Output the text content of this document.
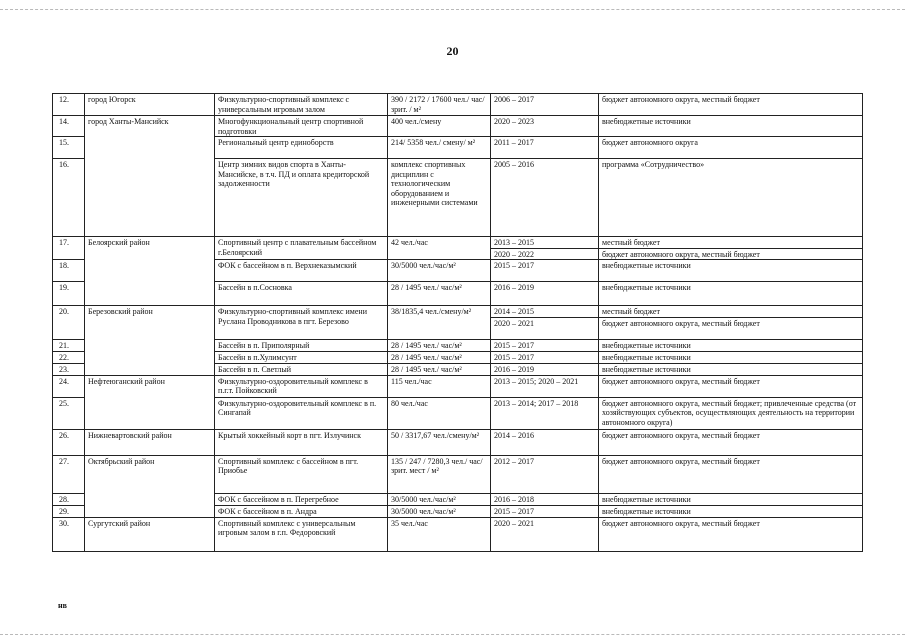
20
12.	город Югорск	Физкультурно-спортивный комплекс с универсальным игровым залом	390 / 2172 / 17600 чел./ час/ зрит. / м²	2006 – 2017	бюджет автономного округа, местный бюджет
14.	город Ханты-Мансийск	Многофункциональный центр спортивной подготовки	400 чел./смену	2020 – 2023	внебюджетные источники
15.		Региональный центр единоборств	214/ 5358 чел./ смену/ м²	2011 – 2017	бюджет автономного округа
16.		Центр зимних видов спорта в Ханты-Мансийске, в т.ч. ПД и оплата кредиторской задолженности	комплекс спортивных дисциплин с технологическим оборудованием и инженерными системами	2005 – 2016	программа «Сотрудничество»
17.	Белоярский район	Спортивный центр с плавательным бассейном г.Белоярский	42 чел./час	2013 – 2015	местный бюджет
				2020 – 2022	бюджет автономного округа, местный бюджет
18.		ФОК с бассейном в п. Верхнеказымский	30/5000 чел./час/м²	2015 – 2017	внебюджетные источники
19.		Бассейн в п.Сосновка	28 / 1495 чел./ час/м²	2016 – 2019	внебюджетные источники
20.	Березовский район	Физкультурно-спортивный комплекс имени Руслана Проводникова в пгт. Березово	38/1835,4 чел./смену/м²	2014 – 2015	местный бюджет
				2020 – 2021	бюджет автономного округа, местный бюджет
21.		Бассейн в п. Приполярный	28 / 1495 чел./ час/м²	2015 – 2017	внебюджетные источники
22.		Бассейн в п.Хулимсунт	28 / 1495 чел./ час/м²	2015 – 2017	внебюджетные источники
23.		Бассейн в п. Светлый	28 / 1495 чел./ час/м²	2016 – 2019	внебюджетные источники
24.	Нефтеюганский район	Физкультурно-оздоровительный комплекс в п.г.т. Пойковский	115 чел./час	2013 – 2015; 2020 – 2021	бюджет автономного округа, местный бюджет
25.		Физкультурно-оздоровительный комплекс в п. Сингапай	80 чел./час	2013 – 2014; 2017 – 2018	бюджет автономного округа, местный бюджет; привлеченные средства (от хозяйствующих субъектов, осуществляющих деятельность на территории автономного округа)
26.	Нижневартовский район	Крытый хоккейный корт в пгт. Излучинск	50 / 3317,67 чел./смену/м²	2014 – 2016	бюджет автономного округа, местный бюджет
27.	Октябрьский район	Спортивный комплекс с бассейном в пгт. Приобье	135 / 247 / 7280,3 чел./ час/ зрит. мест / м²	2012 – 2017	бюджет автономного округа, местный бюджет
28.		ФОК с бассейном в п. Перегребное	30/5000 чел./час/м²	2016 – 2018	внебюджетные источники
29.		ФОК с бассейном в п. Андра	30/5000 чел./час/м²	2015 – 2017	внебюджетные источники
30.	Сургутский район	Спортивный комплекс с универсальным игровым залом в г.п. Федоровский	35 чел./час	2020 – 2021	бюджет автономного округа, местный бюджет
нв
